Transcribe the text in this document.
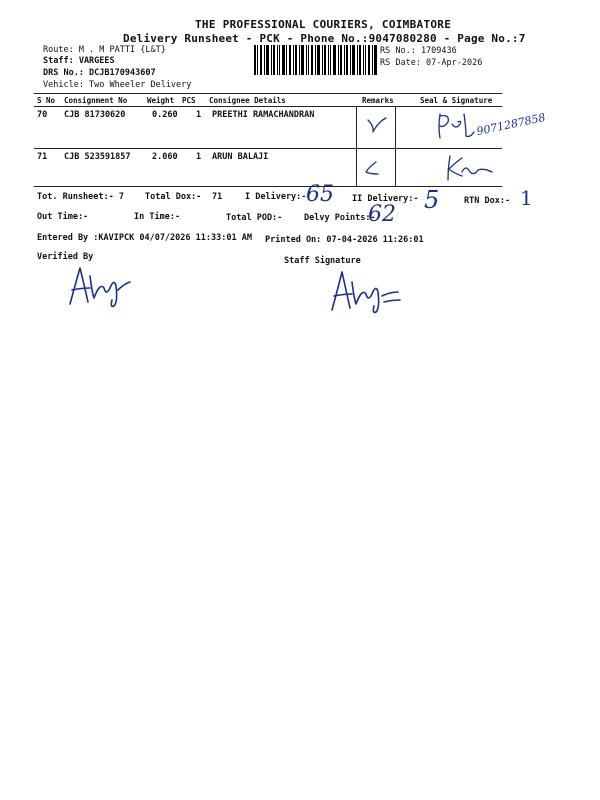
THE PROFESSIONAL COURIERS, COIMBATORE
Delivery Runsheet - PCK - Phone No.:9047080280 - Page No.:7
Route: M . M PATTI {L&T}
Staff: VARGEES
DRS No.: DCJB170943607
Vehicle: Two Wheeler Delivery
RS No.: 1709436
RS Date: 07-Apr-2026
S No Consignment No	Weight PCS Consignee Details	Remarks	Seal & Signature
70 CJB 81730620	0.260 1 PREETHI RAMACHANDRAN
71 CJB 523591857	2.060 1 ARUN BALAJI
9071287858
Tot. Runsheet:- 7 Total Dox:- 71	I Delivery:- 65 II Delivery:- 5	RTN Dox:- 1
Out Time:-	In Time:-	Total POD:-	Delvy Points:-
62
Entered By :KAVIPCK 04/07/2026 11:33:01 AM Printed On: 07-04-2026 11:26:01
Verified By	Staff Signature
